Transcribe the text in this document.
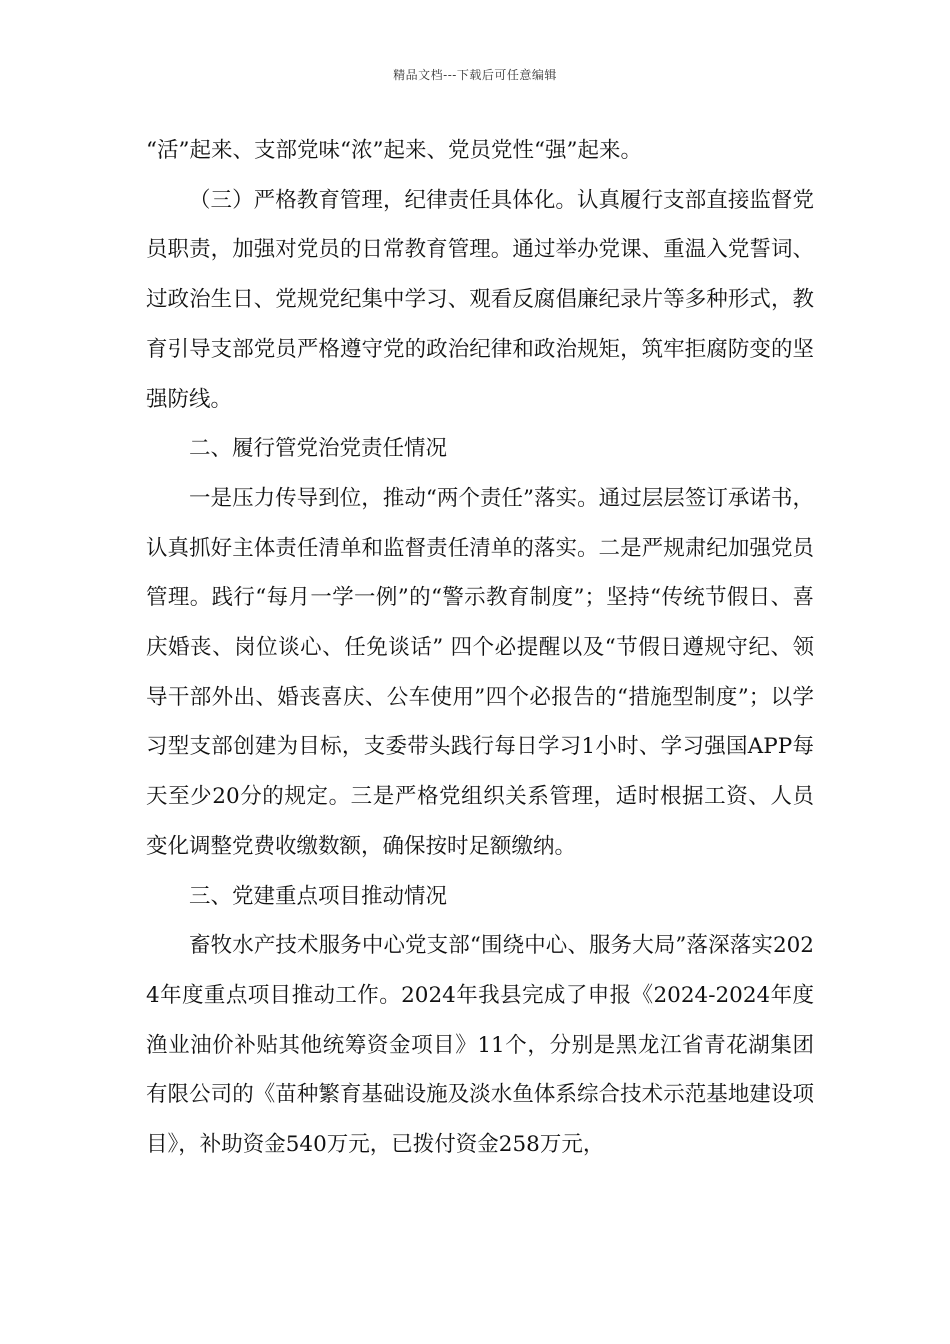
精品文档---下载后可任意编辑

“活”起来、支部党味“浓”起来、党员党性“强”起来。

（三）严格教育管理，纪律责任具体化。认真履行支部直接监督党员职责，加强对党员的日常教育管理。通过举办党课、重温入党誓词、过政治生日、党规党纪集中学习、观看反腐倡廉纪录片等多种形式，教育引导支部党员严格遵守党的政治纪律和政治规矩，筑牢拒腐防变的坚强防线。

二、履行管党治党责任情况

一是压力传导到位，推动“两个责任”落实。通过层层签订承诺书，认真抓好主体责任清单和监督责任清单的落实。二是严规肃纪加强党员管理。践行“每月一学一例”的“警示教育制度”；坚持“传统节假日、喜庆婚丧、岗位谈心、任免谈话” 四个必提醒以及“节假日遵规守纪、领导干部外出、婚丧喜庆、公车使用”四个必报告的“措施型制度”；以学习型支部创建为目标，支委带头践行每日学习1小时、学习强国APP每天至少20分的规定。三是严格党组织关系管理，适时根据工资、人员变化调整党费收缴数额，确保按时足额缴纳。

三、党建重点项目推动情况

畜牧水产技术服务中心党支部“围绕中心、服务大局”落深落实2024年度重点项目推动工作。2024年我县完成了申报《2024-2024年度渔业油价补贴其他统筹资金项目》11个，分别是黑龙江省青花湖集团有限公司的《苗种繁育基础设施及淡水鱼体系综合技术示范基地建设项目》，补助资金540万元，已拨付资金258万元，
